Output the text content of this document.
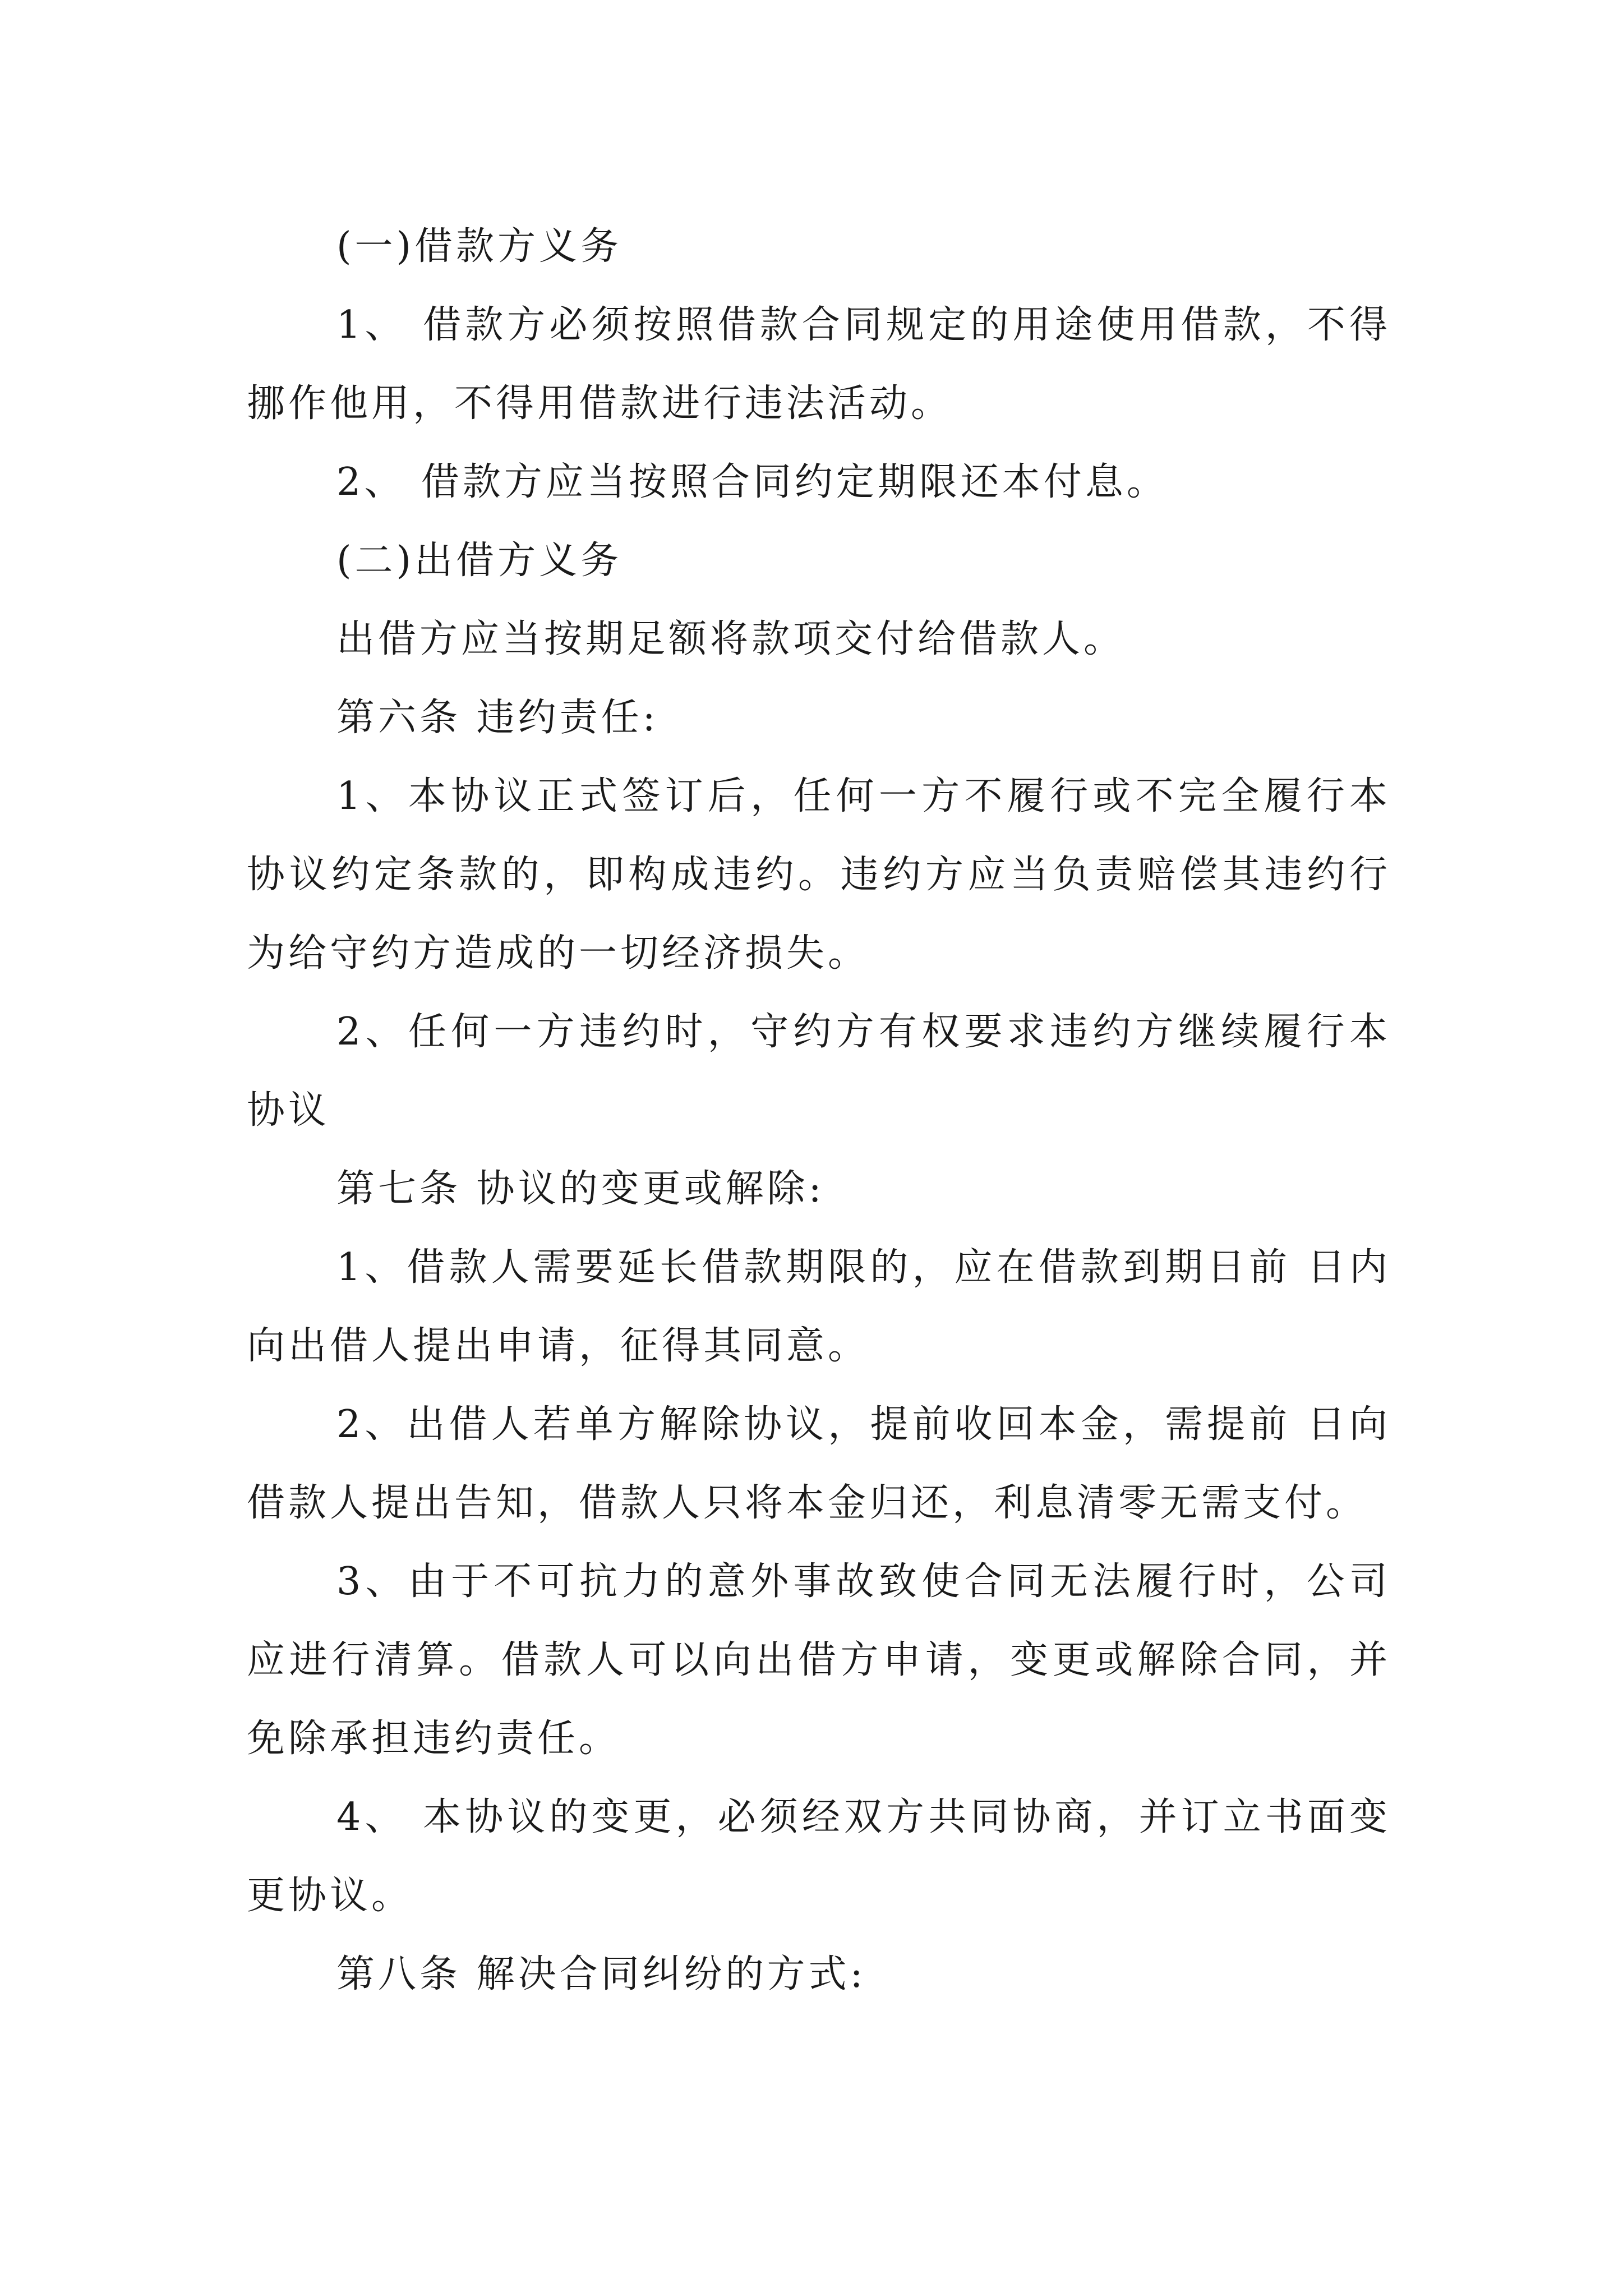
(一)借款方义务

1、 借款方必须按照借款合同规定的用途使用借款，不得挪作他用，不得用借款进行违法活动。

2、 借款方应当按照合同约定期限还本付息。

(二)出借方义务

出借方应当按期足额将款项交付给借款人。

第六条 违约责任:

1、本协议正式签订后，任何一方不履行或不完全履行本协议约定条款的，即构成违约。违约方应当负责赔偿其违约行为给守约方造成的一切经济损失。

2、任何一方违约时，守约方有权要求违约方继续履行本协议

第七条 协议的变更或解除:

1、借款人需要延长借款期限的，应在借款到期日前 日内向出借人提出申请，征得其同意。

2、出借人若单方解除协议，提前收回本金，需提前 日向借款人提出告知，借款人只将本金归还，利息清零无需支付。

3、由于不可抗力的意外事故致使合同无法履行时，公司应进行清算。借款人可以向出借方申请，变更或解除合同，并免除承担违约责任。

4、 本协议的变更，必须经双方共同协商，并订立书面变更协议。

第八条 解决合同纠纷的方式:
